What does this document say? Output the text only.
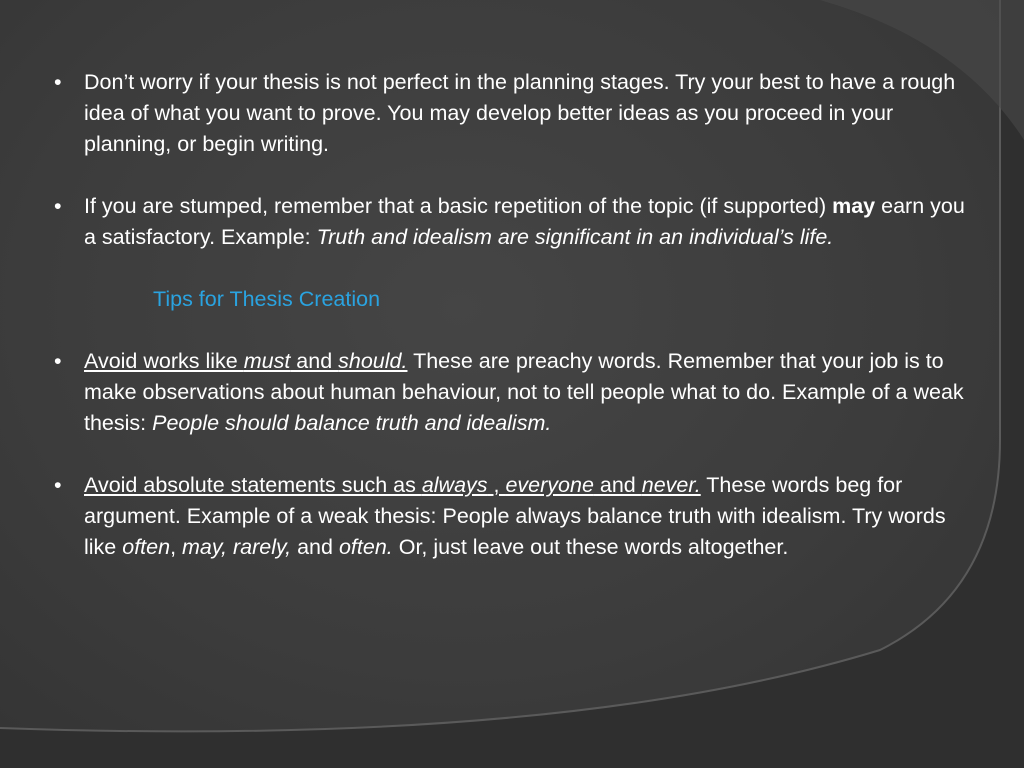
• Don’t worry if your thesis is not perfect in the planning stages. Try your best to have a rough idea of what you want to prove. You may develop better ideas as you proceed in your planning, or begin writing.

• If you are stumped, remember that a basic repetition of the topic (if supported) may earn you a satisfactory. Example: Truth and idealism are significant in an individual’s life.

Tips for Thesis Creation

• Avoid works like must and should. These are preachy words. Remember that your job is to make observations about human behaviour, not to tell people what to do. Example of a weak thesis: People should balance truth and idealism.

• Avoid absolute statements such as always , everyone and never. These words beg for argument. Example of a weak thesis: People always balance truth with idealism. Try words like often, may, rarely, and often. Or, just leave out these words altogether.
